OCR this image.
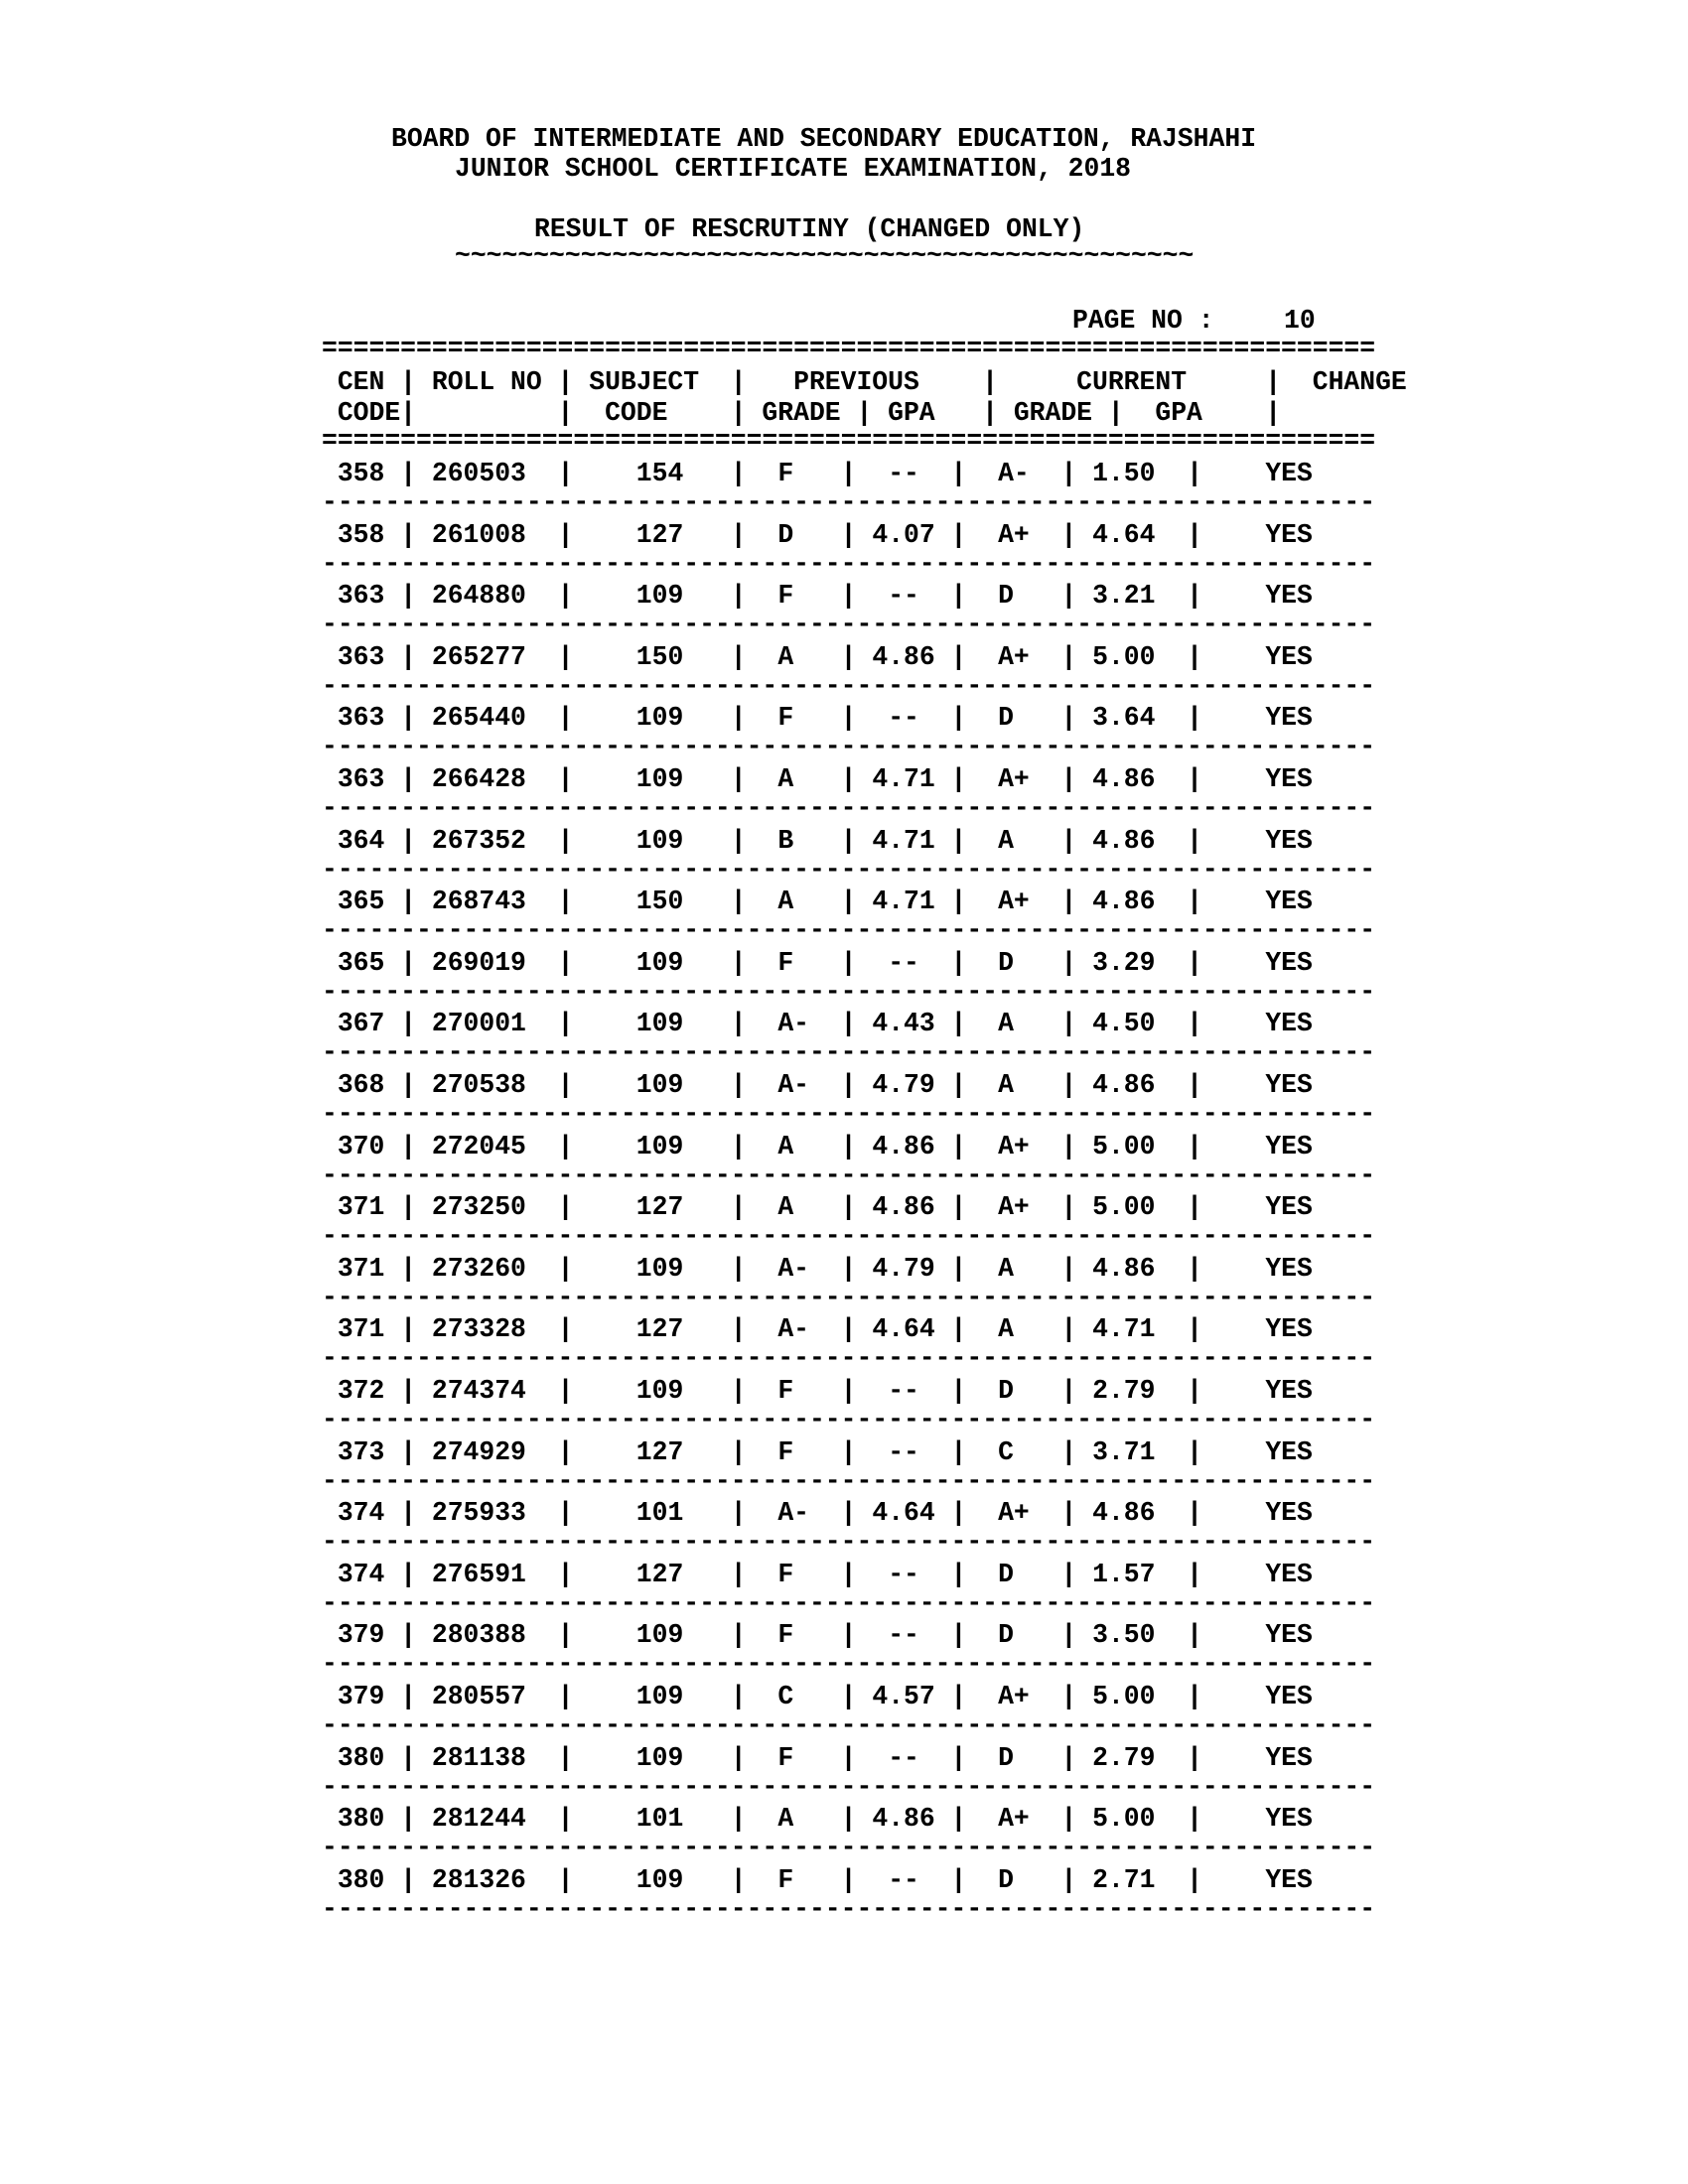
BOARD OF INTERMEDIATE AND SECONDARY EDUCATION, RAJSHAHI
JUNIOR SCHOOL CERTIFICATE EXAMINATION, 2018
RESULT OF RESCRUTINY (CHANGED ONLY)
~~~~~~~~~~~~~~~~~~~~~~~~~~~~~~~~~~~~~~~~~~~~~~~
PAGE NO :	10
===================================================================
CEN | ROLL NO | SUBJECT  |   PREVIOUS    |     CURRENT     |  CHANGE
CODE|         |  CODE    | GRADE | GPA   | GRADE |  GPA    |
===================================================================
358 | 260503  |    154   |  F   |  --  |  A-  | 1.50  |    YES
-------------------------------------------------------------------
358 | 261008  |    127   |  D   | 4.07 |  A+  | 4.64  |    YES
-------------------------------------------------------------------
363 | 264880  |    109   |  F   |  --  |  D   | 3.21  |    YES
-------------------------------------------------------------------
363 | 265277  |    150   |  A   | 4.86 |  A+  | 5.00  |    YES
-------------------------------------------------------------------
363 | 265440  |    109   |  F   |  --  |  D   | 3.64  |    YES
-------------------------------------------------------------------
363 | 266428  |    109   |  A   | 4.71 |  A+  | 4.86  |    YES
-------------------------------------------------------------------
364 | 267352  |    109   |  B   | 4.71 |  A   | 4.86  |    YES
-------------------------------------------------------------------
365 | 268743  |    150   |  A   | 4.71 |  A+  | 4.86  |    YES
-------------------------------------------------------------------
365 | 269019  |    109   |  F   |  --  |  D   | 3.29  |    YES
-------------------------------------------------------------------
367 | 270001  |    109   |  A-  | 4.43 |  A   | 4.50  |    YES
-------------------------------------------------------------------
368 | 270538  |    109   |  A-  | 4.79 |  A   | 4.86  |    YES
-------------------------------------------------------------------
370 | 272045  |    109   |  A   | 4.86 |  A+  | 5.00  |    YES
-------------------------------------------------------------------
371 | 273250  |    127   |  A   | 4.86 |  A+  | 5.00  |    YES
-------------------------------------------------------------------
371 | 273260  |    109   |  A-  | 4.79 |  A   | 4.86  |    YES
-------------------------------------------------------------------
371 | 273328  |    127   |  A-  | 4.64 |  A   | 4.71  |    YES
-------------------------------------------------------------------
372 | 274374  |    109   |  F   |  --  |  D   | 2.79  |    YES
-------------------------------------------------------------------
373 | 274929  |    127   |  F   |  --  |  C   | 3.71  |    YES
-------------------------------------------------------------------
374 | 275933  |    101   |  A-  | 4.64 |  A+  | 4.86  |    YES
-------------------------------------------------------------------
374 | 276591  |    127   |  F   |  --  |  D   | 1.57  |    YES
-------------------------------------------------------------------
379 | 280388  |    109   |  F   |  --  |  D   | 3.50  |    YES
-------------------------------------------------------------------
379 | 280557  |    109   |  C   | 4.57 |  A+  | 5.00  |    YES
-------------------------------------------------------------------
380 | 281138  |    109   |  F   |  --  |  D   | 2.79  |    YES
-------------------------------------------------------------------
380 | 281244  |    101   |  A   | 4.86 |  A+  | 5.00  |    YES
-------------------------------------------------------------------
380 | 281326  |    109   |  F   |  --  |  D   | 2.71  |    YES
-------------------------------------------------------------------
